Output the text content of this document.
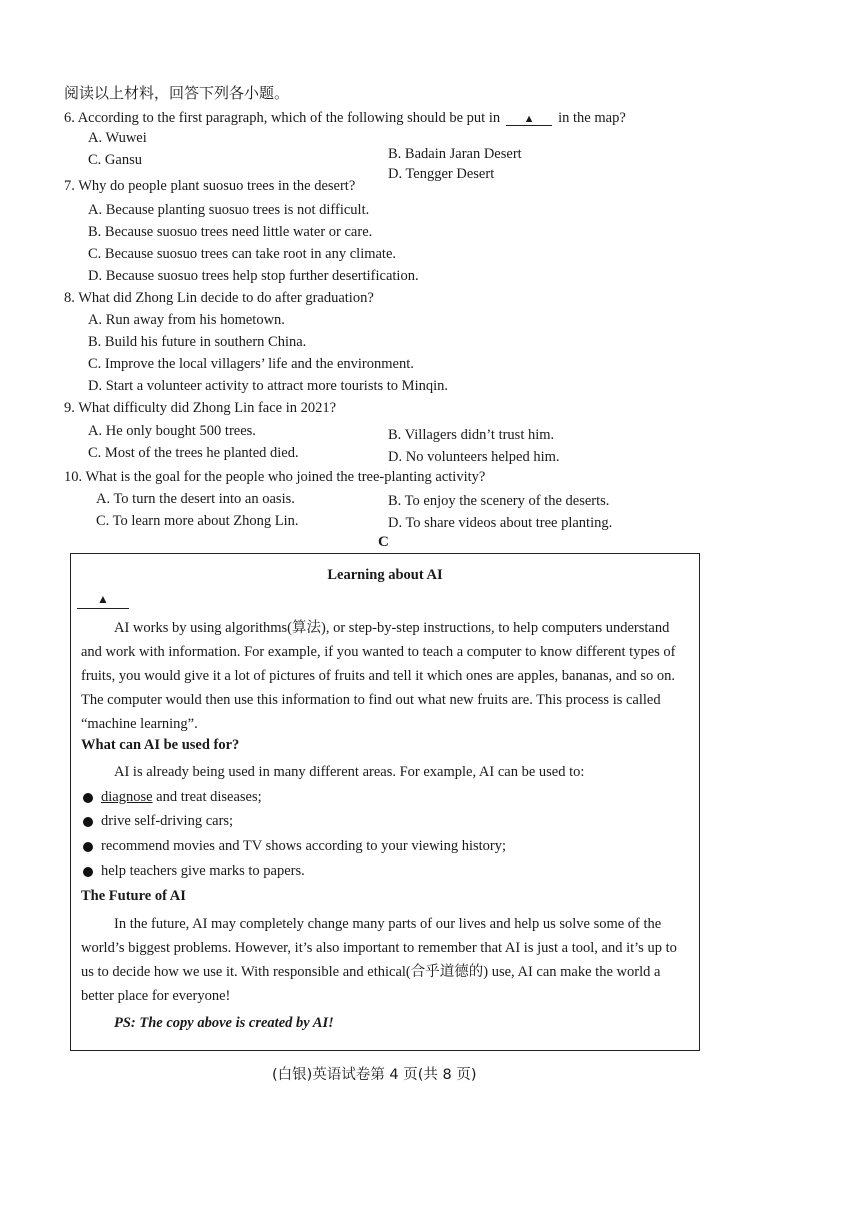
阅读以上材料，回答下列各小题。
6. According to the first paragraph, which of the following should be put in ▲ in the map?
A. Wuwei
B. Badain Jaran Desert
C. Gansu
D. Tengger Desert
7. Why do people plant suosuo trees in the desert?
A. Because planting suosuo trees is not difficult.
B. Because suosuo trees need little water or care.
C. Because suosuo trees can take root in any climate.
D. Because suosuo trees help stop further desertification.
8. What did Zhong Lin decide to do after graduation?
A. Run away from his hometown.
B. Build his future in southern China.
C. Improve the local villagers’ life and the environment.
D. Start a volunteer activity to attract more tourists to Minqin.
9. What difficulty did Zhong Lin face in 2021?
A. He only bought 500 trees.	B. Villagers didn’t trust him.
C. Most of the trees he planted died.	D. No volunteers helped him.
10. What is the goal for the people who joined the tree-planting activity?
A. To turn the desert into an oasis.	B. To enjoy the scenery of the deserts.
C. To learn more about Zhong Lin.	D. To share videos about tree planting.
C
Learning about AI
▲
AI works by using algorithms(算法), or step-by-step instructions, to help computers understand and work with information. For example, if you wanted to teach a computer to know different types of fruits, you would give it a lot of pictures of fruits and tell it which ones are apples, bananas, and so on. The computer would then use this information to find out what new fruits are. This process is called “machine learning”.
What can AI be used for?
AI is already being used in many different areas. For example, AI can be used to:
diagnose and treat diseases;
drive self-driving cars;
recommend movies and TV shows according to your viewing history;
help teachers give marks to papers.
The Future of AI
In the future, AI may completely change many parts of our lives and help us solve some of the world’s biggest problems. However, it’s also important to remember that AI is just a tool, and it’s up to us to decide how we use it. With responsible and ethical(合乎道德的) use, AI can make the world a better place for everyone!
PS: The copy above is created by AI!
(白银)英语试卷第 4 页(共 8 页)
